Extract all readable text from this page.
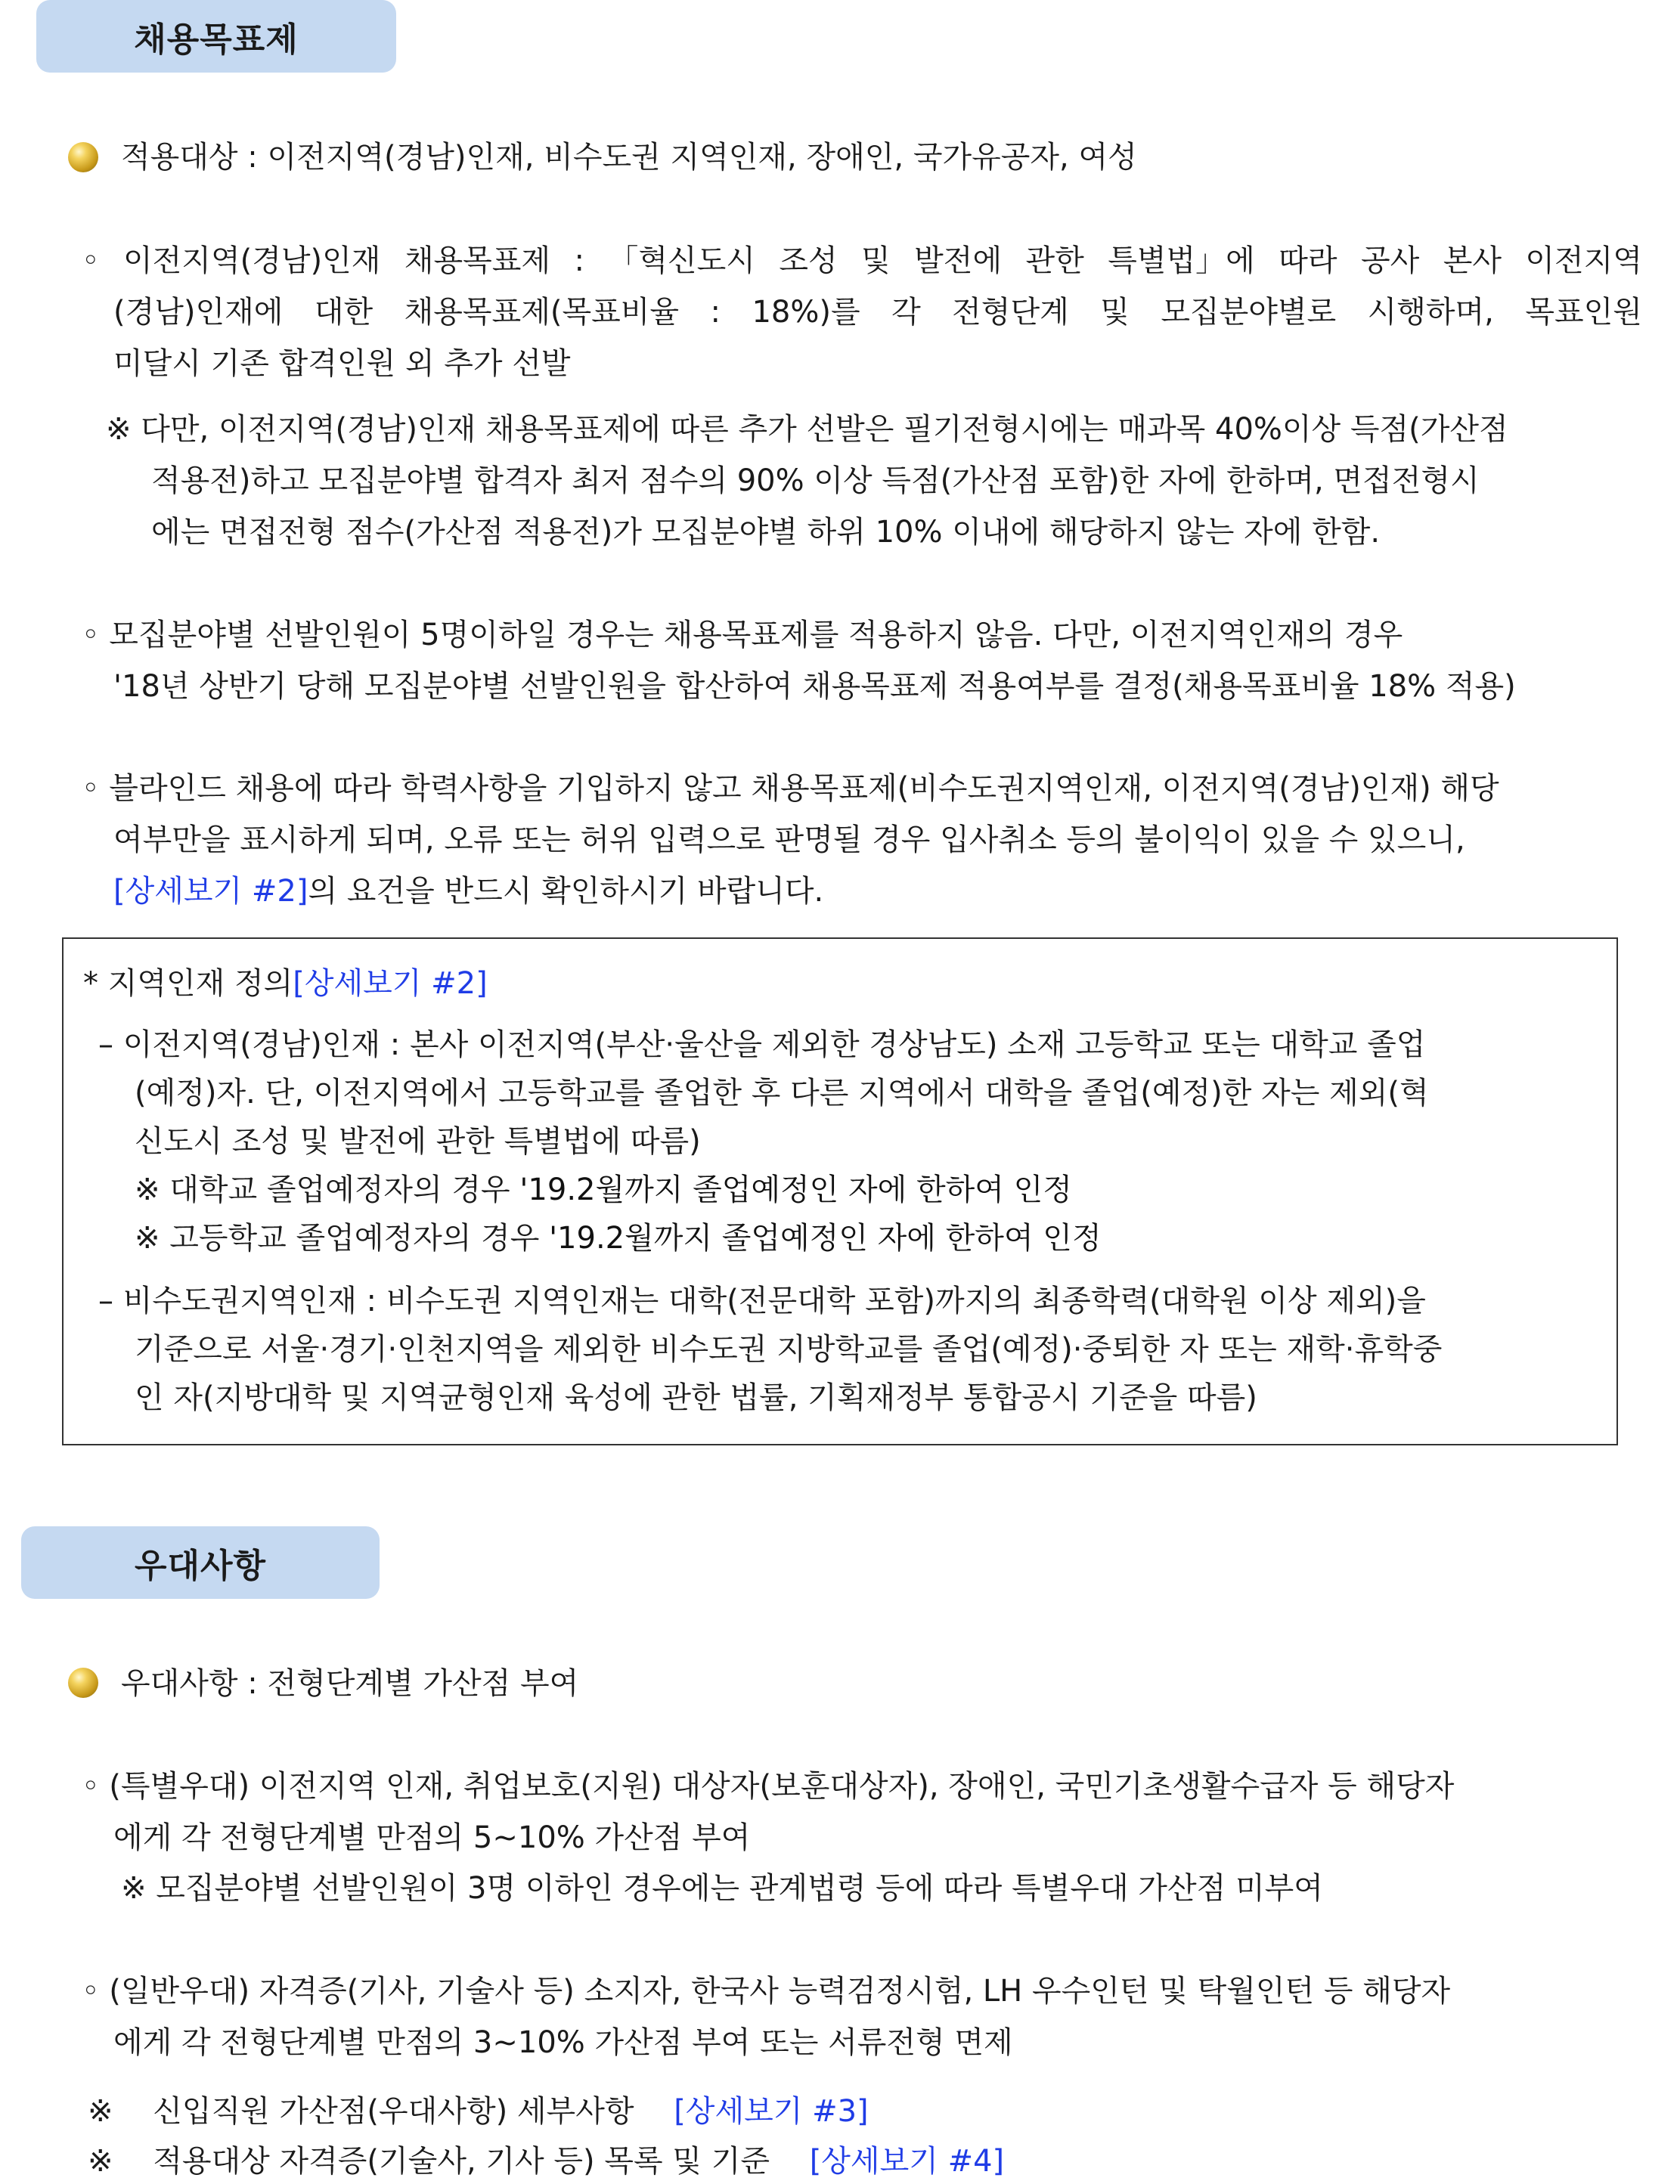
채용목표제
적용대상 : 이전지역(경남)인재, 비수도권 지역인재, 장애인, 국가유공자, 여성
◦ 이전지역(경남)인재 채용목표제 : 「혁신도시 조성 및 발전에 관한 특별법」에 따라 공사 본사 이전지역
(경남)인재에 대한 채용목표제(목표비율 : 18%)를 각 전형단계 및 모집분야별로 시행하며, 목표인원
미달시 기존 합격인원 외 추가 선발
※ 다만, 이전지역(경남)인재 채용목표제에 따른 추가 선발은 필기전형시에는 매과목 40%이상 득점(가산점
적용전)하고 모집분야별 합격자 최저 점수의 90% 이상 득점(가산점 포함)한 자에 한하며, 면접전형시
에는 면접전형 점수(가산점 적용전)가 모집분야별 하위 10% 이내에 해당하지 않는 자에 한함.
◦ 모집분야별 선발인원이 5명이하일 경우는 채용목표제를 적용하지 않음. 다만, 이전지역인재의 경우
'18년 상반기 당해 모집분야별 선발인원을 합산하여 채용목표제 적용여부를 결정(채용목표비율 18% 적용)
◦ 블라인드 채용에 따라 학력사항을 기입하지 않고 채용목표제(비수도권지역인재, 이전지역(경남)인재) 해당
여부만을 표시하게 되며, 오류 또는 허위 입력으로 판명될 경우 입사취소 등의 불이익이 있을 수 있으니,
[상세보기 #2]의 요건을 반드시 확인하시기 바랍니다.
* 지역인재 정의[상세보기 #2]
– 이전지역(경남)인재 : 본사 이전지역(부산·울산을 제외한 경상남도) 소재 고등학교 또는 대학교 졸업
(예정)자. 단, 이전지역에서 고등학교를 졸업한 후 다른 지역에서 대학을 졸업(예정)한 자는 제외(혁
신도시 조성 및 발전에 관한 특별법에 따름)
※ 대학교 졸업예정자의 경우 '19.2월까지 졸업예정인 자에 한하여 인정
※ 고등학교 졸업예정자의 경우 '19.2월까지 졸업예정인 자에 한하여 인정
– 비수도권지역인재 : 비수도권 지역인재는 대학(전문대학 포함)까지의 최종학력(대학원 이상 제외)을
기준으로 서울·경기·인천지역을 제외한 비수도권 지방학교를 졸업(예정)·중퇴한 자 또는 재학·휴학중
인 자(지방대학 및 지역균형인재 육성에 관한 법률, 기획재정부 통합공시 기준을 따름)
우대사항
우대사항 : 전형단계별 가산점 부여
◦ (특별우대) 이전지역 인재, 취업보호(지원) 대상자(보훈대상자), 장애인, 국민기초생활수급자 등 해당자
에게 각 전형단계별 만점의 5~10% 가산점 부여
※ 모집분야별 선발인원이 3명 이하인 경우에는 관계법령 등에 따라 특별우대 가산점 미부여
◦ (일반우대) 자격증(기사, 기술사 등) 소지자, 한국사 능력검정시험, LH 우수인턴 및 탁월인턴 등 해당자
에게 각 전형단계별 만점의 3~10% 가산점 부여 또는 서류전형 면제
※ 신입직원 가산점(우대사항) 세부사항 [상세보기 #3]
※ 적용대상 자격증(기술사, 기사 등) 목록 및 기준 [상세보기 #4]
